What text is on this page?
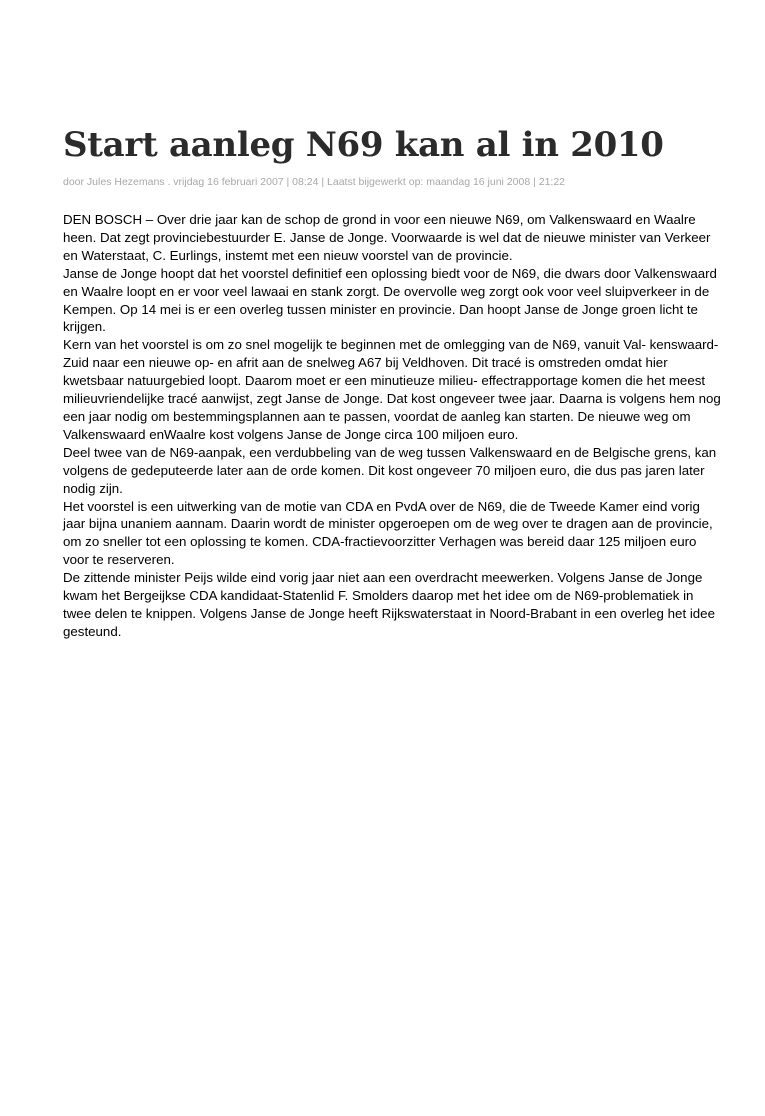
Start aanleg N69 kan al in 2010
door Jules Hezemans . vrijdag 16 februari 2007 | 08:24 | Laatst bijgewerkt op: maandag 16 juni 2008 | 21:22

DEN BOSCH – Over drie jaar kan de schop de grond in voor een nieuwe N69, om Valkenswaard en Waalre heen. Dat zegt provinciebestuurder E. Janse de Jonge. Voorwaarde is wel dat de nieuwe minister van Verkeer en Waterstaat, C. Eurlings, instemt met een nieuw voorstel van de provincie.

Janse de Jonge hoopt dat het voorstel definitief een oplossing biedt voor de N69, die dwars door Valkenswaard en Waalre loopt en er voor veel lawaai en stank zorgt. De overvolle weg zorgt ook voor veel sluipverkeer in de Kempen. Op 14 mei is er een overleg tussen minister en provincie. Dan hoopt Janse de Jonge groen licht te krijgen.

Kern van het voorstel is om zo snel mogelijk te beginnen met de omlegging van de N69, vanuit Val- kenswaard- Zuid naar een nieuwe op- en afrit aan de snelweg A67 bij Veldhoven. Dit tracé is omstreden omdat hier kwetsbaar natuurgebied loopt. Daarom moet er een minutieuze milieu- effectrapportage komen die het meest milieuvriendelijke tracé aanwijst, zegt Janse de Jonge. Dat kost ongeveer twee jaar. Daarna is volgens hem nog een jaar nodig om bestemmingsplannen aan te passen, voordat de aanleg kan starten. De nieuwe weg om Valkenswaard enWaalre kost volgens Janse de Jonge circa 100 miljoen euro.

Deel twee van de N69-aanpak, een verdubbeling van de weg tussen Valkenswaard en de Belgische grens, kan volgens de gedeputeerde later aan de orde komen. Dit kost ongeveer 70 miljoen euro, die dus pas jaren later nodig zijn.

Het voorstel is een uitwerking van de motie van CDA en PvdA over de N69, die de Tweede Kamer eind vorig jaar bijna unaniem aannam. Daarin wordt de minister opgeroepen om de weg over te dragen aan de provincie, om zo sneller tot een oplossing te komen. CDA-fractievoorzitter Verhagen was bereid daar 125 miljoen euro voor te reserveren.

De zittende minister Peijs wilde eind vorig jaar niet aan een overdracht meewerken. Volgens Janse de Jonge kwam het Bergeijkse CDA kandidaat-Statenlid F. Smolders daarop met het idee om de N69-problematiek in twee delen te knippen. Volgens Janse de Jonge heeft Rijkswaterstaat in Noord-Brabant in een overleg het idee gesteund.
